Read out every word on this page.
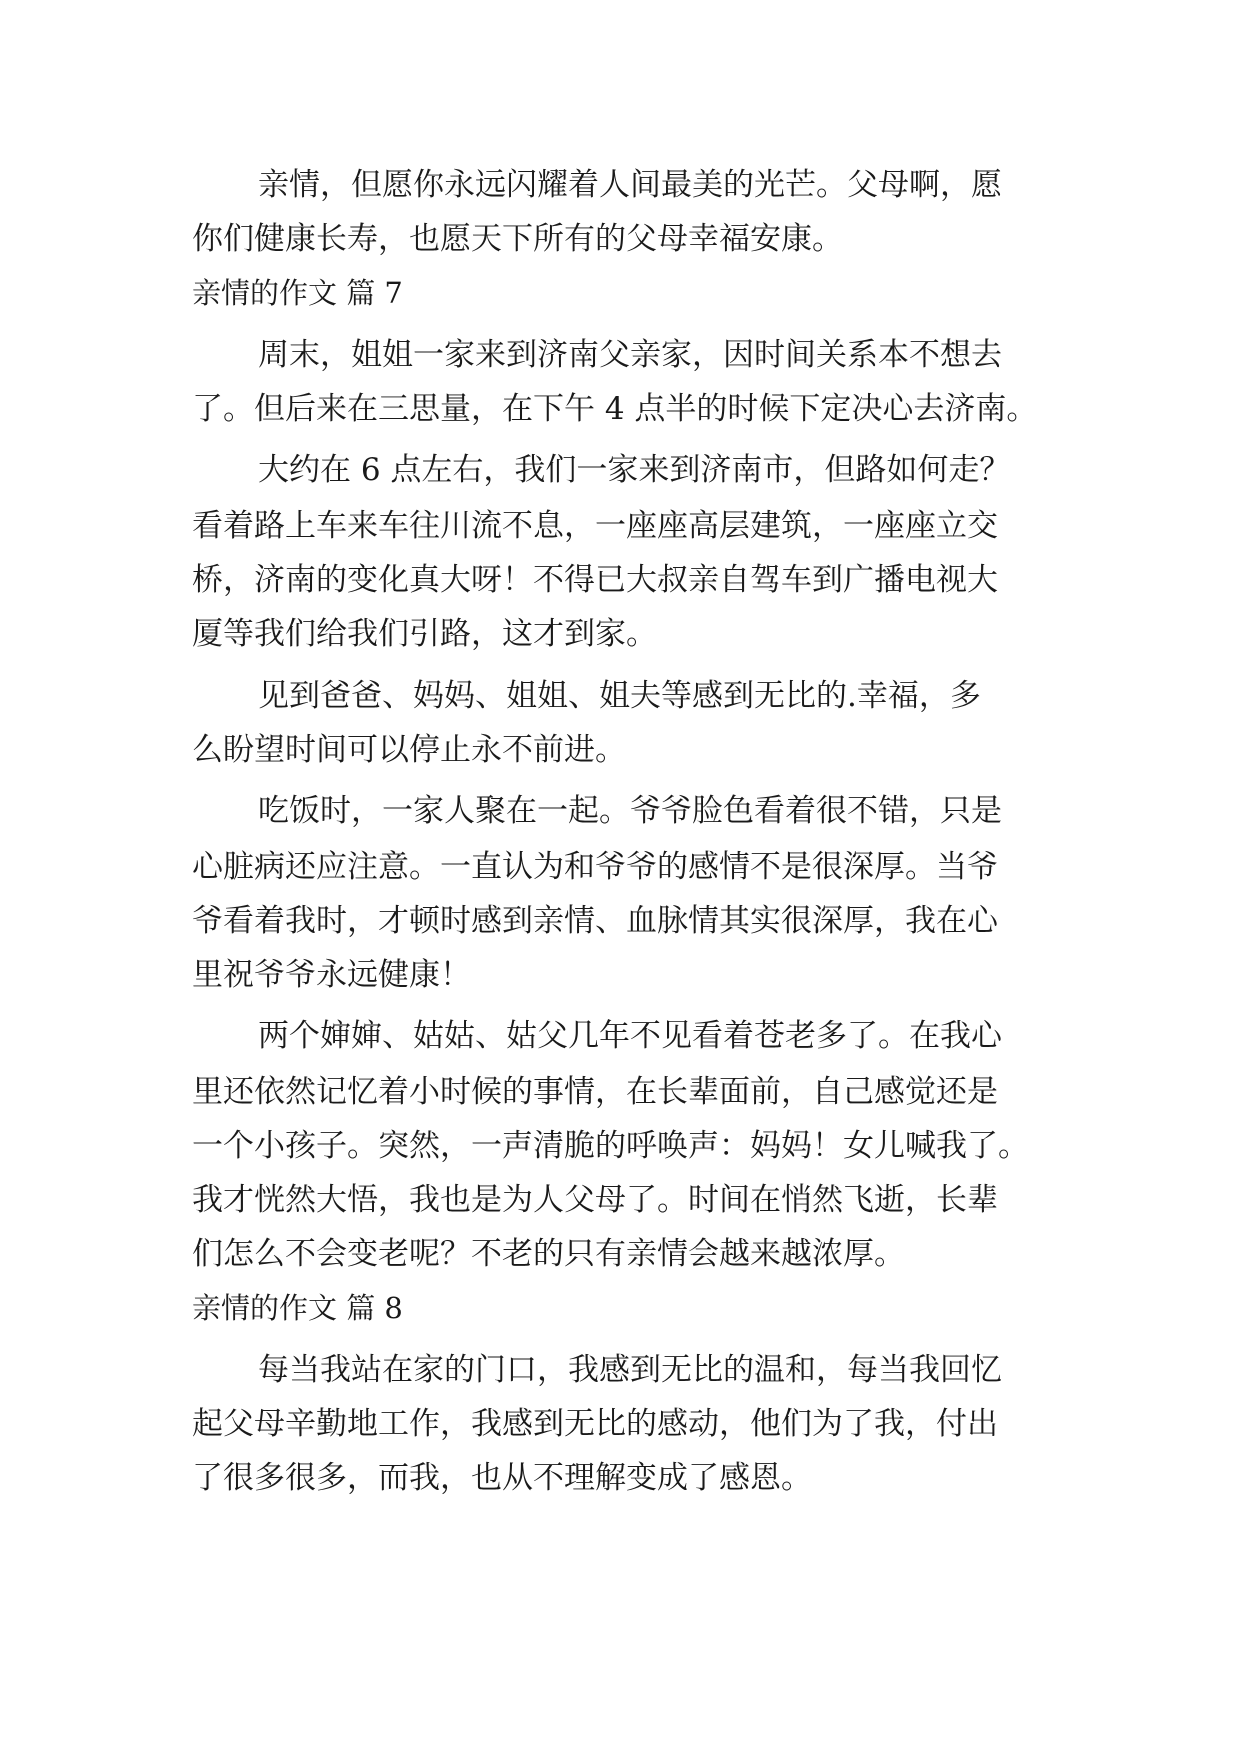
亲情，但愿你永远闪耀着人间最美的光芒。父母啊，愿
你们健康长寿，也愿天下所有的父母幸福安康。
亲情的作文 篇 7
周末，姐姐一家来到济南父亲家，因时间关系本不想去
了。但后来在三思量，在下午 4 点半的时候下定决心去济南。
大约在 6 点左右，我们一家来到济南市，但路如何走？
看着路上车来车往川流不息，一座座高层建筑，一座座立交
桥，济南的变化真大呀！不得已大叔亲自驾车到广播电视大
厦等我们给我们引路，这才到家。
见到爸爸、妈妈、姐姐、姐夫等感到无比的.幸福，多
么盼望时间可以停止永不前进。
吃饭时，一家人聚在一起。爷爷脸色看着很不错，只是
心脏病还应注意。一直认为和爷爷的感情不是很深厚。当爷
爷看着我时，才顿时感到亲情、血脉情其实很深厚，我在心
里祝爷爷永远健康！
两个婶婶、姑姑、姑父几年不见看着苍老多了。在我心
里还依然记忆着小时候的事情，在长辈面前，自己感觉还是
一个小孩子。突然，一声清脆的呼唤声：妈妈！女儿喊我了。
我才恍然大悟，我也是为人父母了。时间在悄然飞逝，长辈
们怎么不会变老呢？不老的只有亲情会越来越浓厚。
亲情的作文 篇 8
每当我站在家的门口，我感到无比的温和，每当我回忆
起父母辛勤地工作，我感到无比的感动，他们为了我，付出
了很多很多，而我，也从不理解变成了感恩。
